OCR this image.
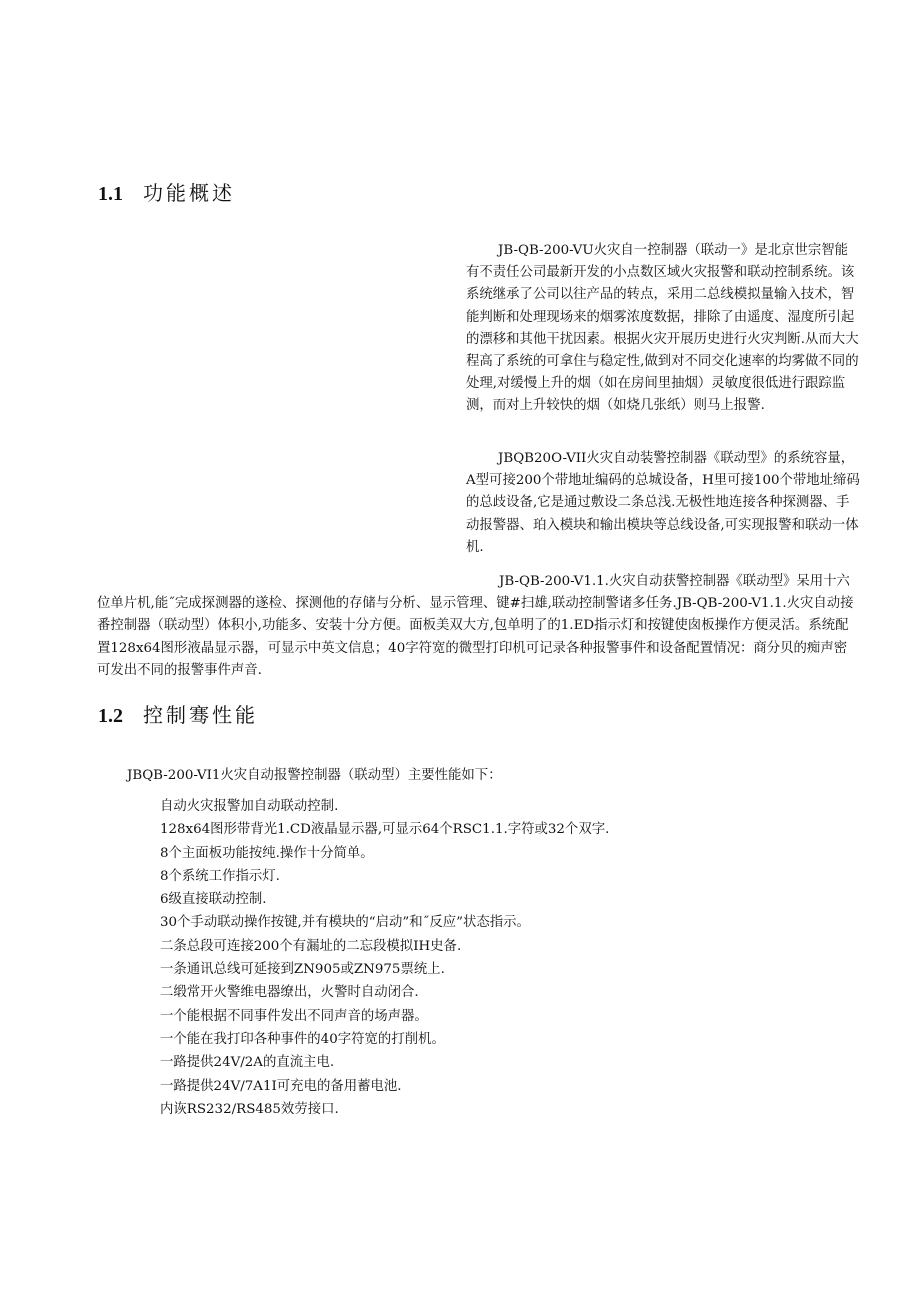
1.1 功能概述

JB-QB-200-VU火灾自一控制器（联动一》是北京世宗智能有不责任公司最新开发的小点数区域火灾报警和联动控制系统。该系统继承了公司以往产品的转点，采用二总线模拟量输入技术，智能判断和处理现场来的烟雾浓度数据，排除了由遥度、湿度所引起的漂移和其他干扰因素。根据火灾开展历史进行火灾判断.从而大大程高了系统的可拿住与稳定性,做到对不同交化速率的均雾做不同的处理,对缓慢上升的烟（如在房间里抽烟）灵敏度很低进行跟踪监测，而对上升较快的烟（如烧几张纸）则马上报警.

JBQB20O-VII火灾自动装警控制器《联动型》的系统容量，A型可接200个带地址编码的总城设备，H里可接100个带地址缔码的总歧设备,它是通过敷设二条总浅.无极性地连接各种探测器、手动报警器、珀入模块和输出模块等总线设备,可实现报警和联动一体机.

JB-QB-200-V1.1.火灾自动获警控制器《联动型》呆用十六位单片机,能˝完成探测器的遂检、探测他的存储与分析、显示管理、键#扫雄,联动控制警诸多任务.JB-QB-200-V1.1.火灾自动接番控制器（联动型）体积小,功能多、安装十分方便。面板美双大方,包单明了的1.ED指示灯和按键使囱板操作方便灵活。系统配置128x64图形液晶显示器，可显示中英文信息；40字符宽的微型打印机可记录各种报警事件和设备配置情况：商分贝的痴声密可发出不同的报警事件声音.

1.2 控制骞性能
JBQB-200-VI1火灾自动报警控制器（联动型）主要性能如下：
自动火灾报警加自动联动控制.
128x64图形带背光1.CD液晶显示器,可显示64个RSC1.1.字符或32个双字.
8个主面板功能按纯.操作十分简单。
8个系统工作指示灯.
6级直接联动控制.
30个手动联动操作按键,并有模块的“启动”和˝反应”状态指示。
二条总段可连接200个有漏址的二忘段模拟IH史备.
一条通讯总线可延接到ZN905或ZN975票统上.
二缎常开火警维电器缭出，火警时自动闭合.
一个能根据不同事件发出不同声音的场声器。
一个能在我打印各种事件的40字符宽的打削机。
一路提供24V/2A的直流主电.
一路提供24V/7A1I可充电的备用蓄电池.
内诙RS232/RS485效劳接口.
